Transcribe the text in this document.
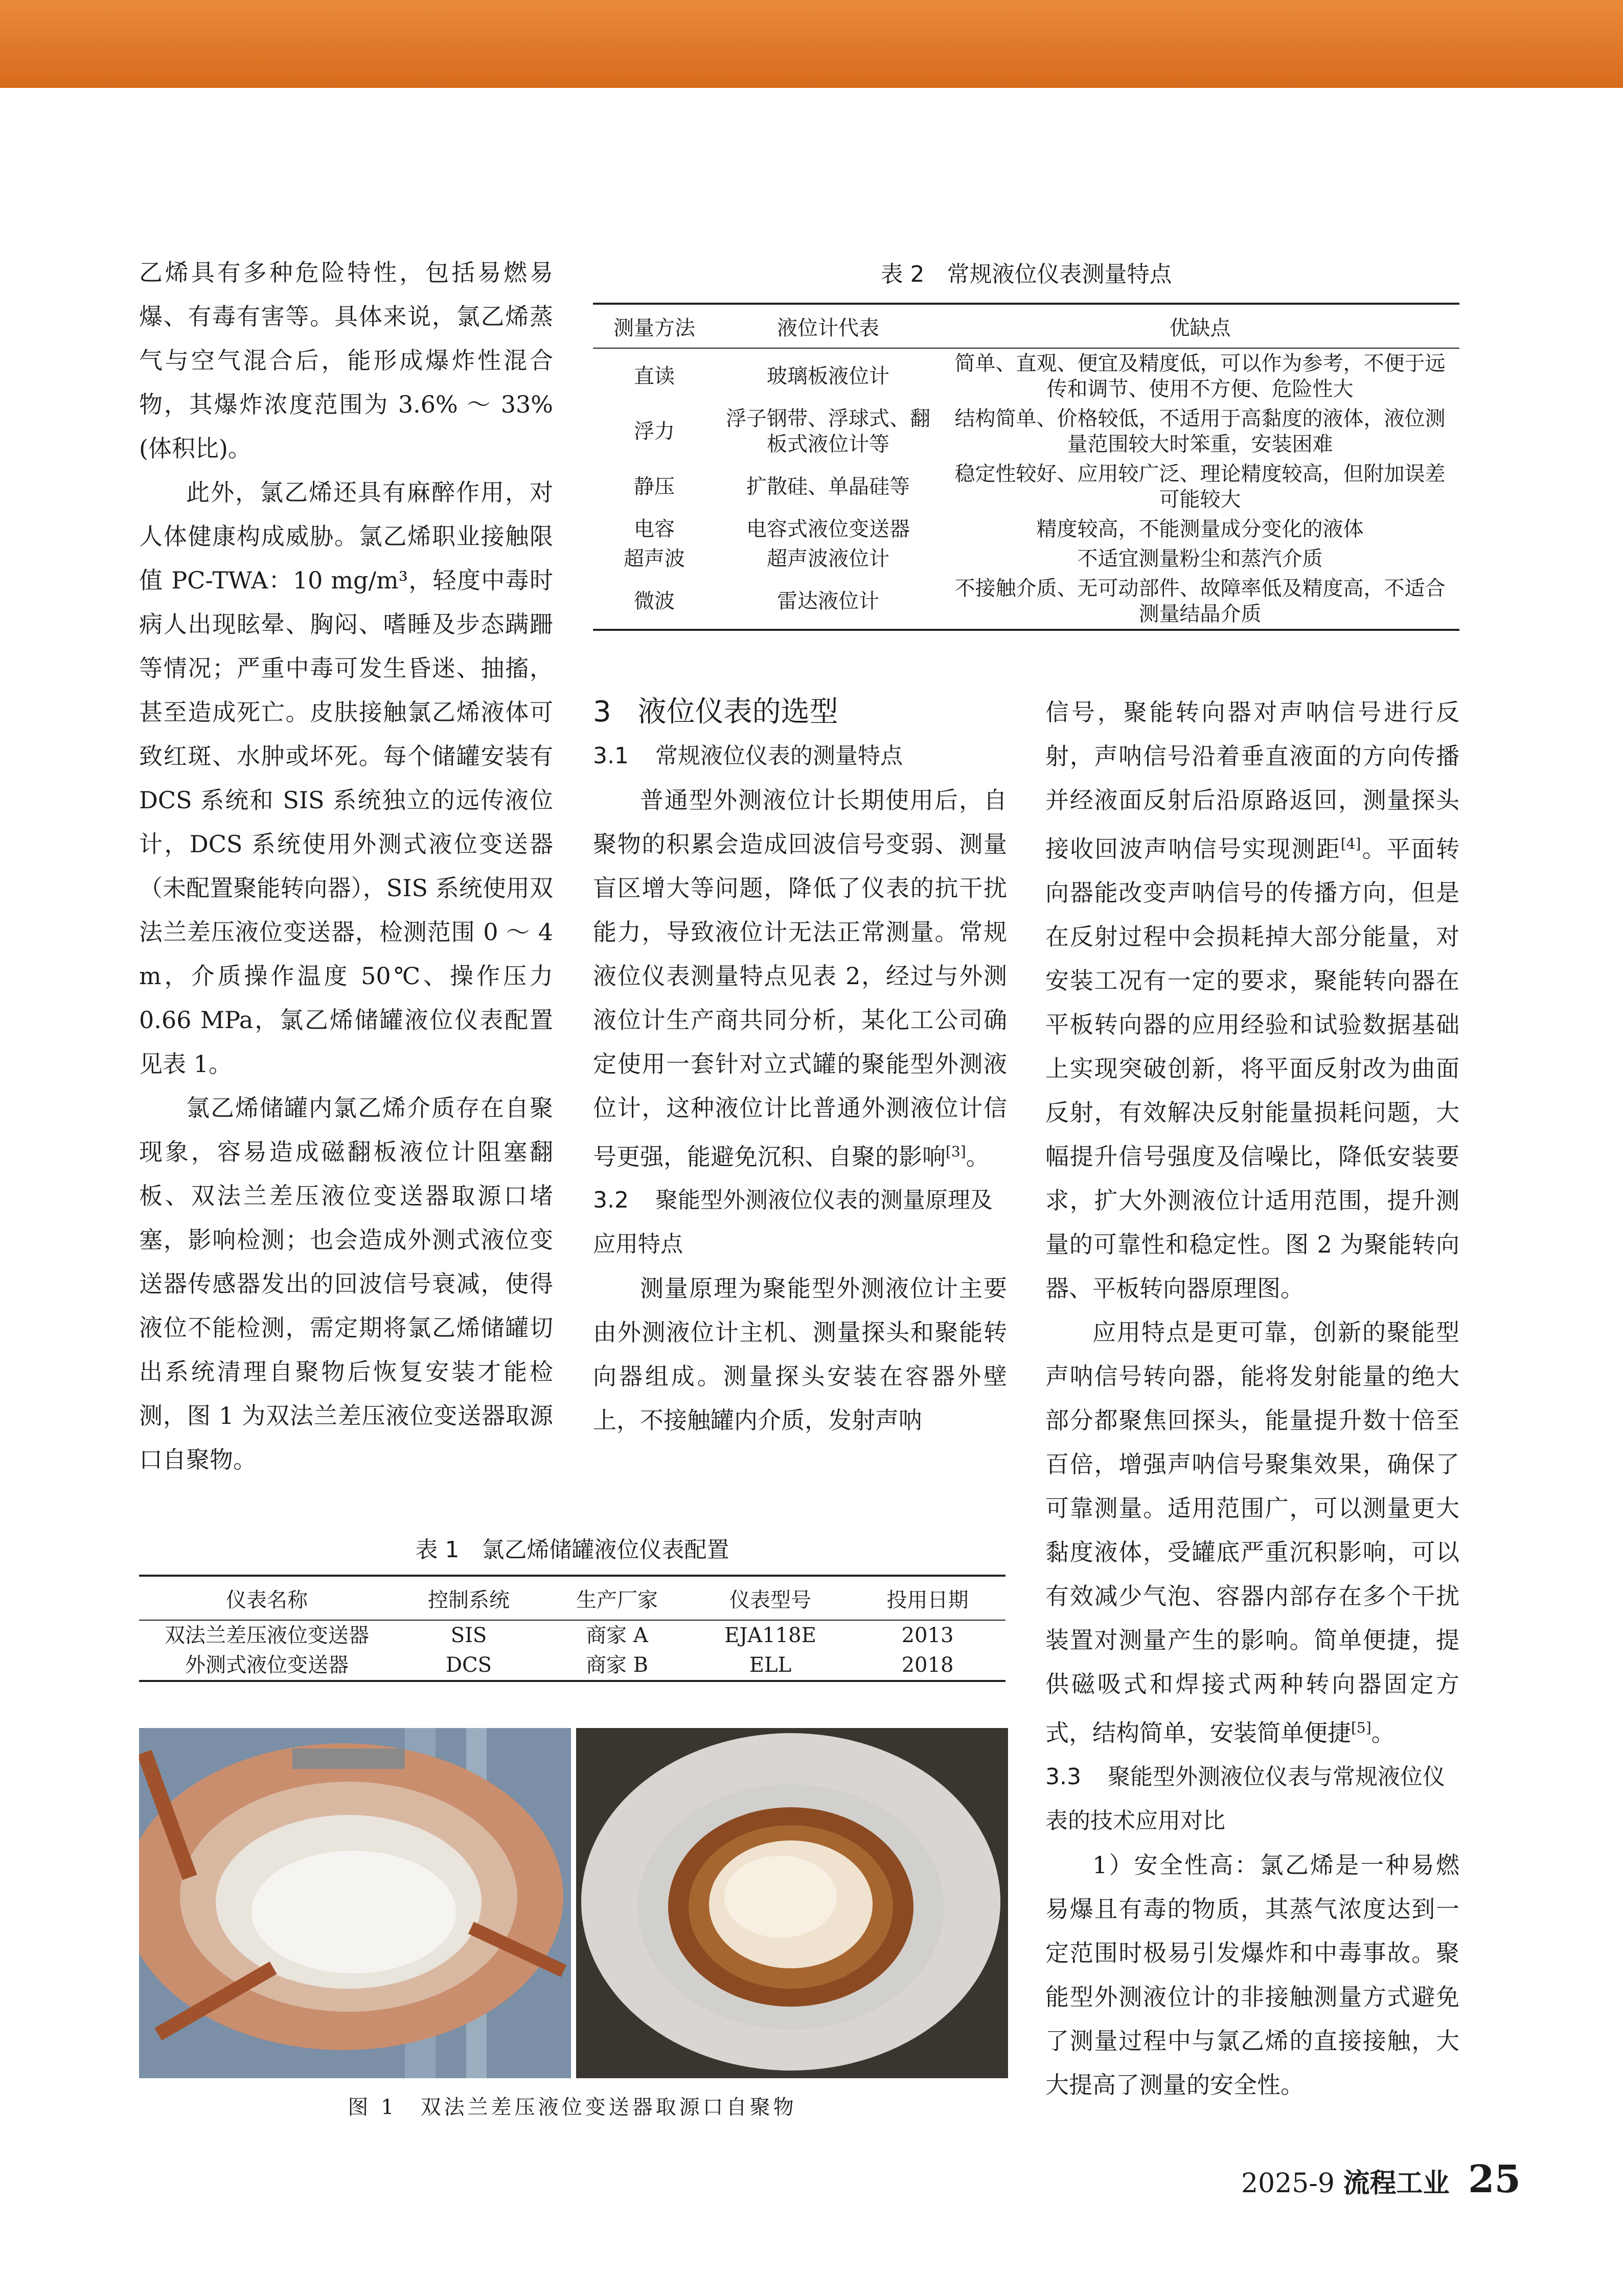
乙烯具有多种危险特性，包括易燃易爆、有毒有害等。具体来说，氯乙烯蒸气与空气混合后，能形成爆炸性混合物，其爆炸浓度范围为 3.6% ～ 33%(体积比)。

此外，氯乙烯还具有麻醉作用，对人体健康构成威胁。氯乙烯职业接触限值 PC-TWA：10 mg/m³，轻度中毒时病人出现眩晕、胸闷、嗜睡及步态蹒跚等情况；严重中毒可发生昏迷、抽搐，甚至造成死亡。皮肤接触氯乙烯液体可致红斑、水肿或坏死。每个储罐安装有 DCS 系统和 SIS 系统独立的远传液位计，DCS 系统使用外测式液位变送器（未配置聚能转向器），SIS 系统使用双法兰差压液位变送器，检测范围 0 ～ 4 m，介质操作温度 50℃、操作压力 0.66 MPa，氯乙烯储罐液位仪表配置见表 1。

氯乙烯储罐内氯乙烯介质存在自聚现象，容易造成磁翻板液位计阻塞翻板、双法兰差压液位变送器取源口堵塞，影响检测；也会造成外测式液位变送器传感器发出的回波信号衰减，使得液位不能检测，需定期将氯乙烯储罐切出系统清理自聚物后恢复安装才能检测，图 1 为双法兰差压液位变送器取源口自聚物。

表 2　常规液位仪表测量特点
测量方法	液位计代表	优缺点
直读	玻璃板液位计	简单、直观、便宜及精度低，可以作为参考，不便于远传和调节、使用不方便、危险性大
浮力	浮子钢带、浮球式、翻板式液位计等	结构简单、价格较低，不适用于高黏度的液体，液位测量范围较大时笨重，安装困难
静压	扩散硅、单晶硅等	稳定性较好、应用较广泛、理论精度较高，但附加误差可能较大
电容	电容式液位变送器	精度较高，不能测量成分变化的液体
超声波	超声波液位计	不适宜测量粉尘和蒸汽介质
微波	雷达液位计	不接触介质、无可动部件、故障率低及精度高，不适合测量结晶介质

3 液位仪表的选型

3.1 常规液位仪表的测量特点

普通型外测液位计长期使用后，自聚物的积累会造成回波信号变弱、测量盲区增大等问题，降低了仪表的抗干扰能力，导致液位计无法正常测量。常规液位仪表测量特点见表 2，经过与外测液位计生产商共同分析，某化工公司确定使用一套针对立式罐的聚能型外测液位计，这种液位计比普通外测液位计信号更强，能避免沉积、自聚的影响[3]。

3.2 聚能型外测液位仪表的测量原理及应用特点

测量原理为聚能型外测液位计主要由外测液位计主机、测量探头和聚能转向器组成。测量探头安装在容器外壁上，不接触罐内介质，发射声呐

信号，聚能转向器对声呐信号进行反射，声呐信号沿着垂直液面的方向传播并经液面反射后沿原路返回，测量探头接收回波声呐信号实现测距[4]。平面转向器能改变声呐信号的传播方向，但是在反射过程中会损耗掉大部分能量，对安装工况有一定的要求，聚能转向器在平板转向器的应用经验和试验数据基础上实现突破创新，将平面反射改为曲面反射，有效解决反射能量损耗问题，大幅提升信号强度及信噪比，降低安装要求，扩大外测液位计适用范围，提升测量的可靠性和稳定性。图 2 为聚能转向器、平板转向器原理图。

应用特点是更可靠，创新的聚能型声呐信号转向器，能将发射能量的绝大部分都聚焦回探头，能量提升数十倍至百倍，增强声呐信号聚集效果，确保了可靠测量。适用范围广，可以测量更大黏度液体，受罐底严重沉积影响，可以有效减少气泡、容器内部存在多个干扰装置对测量产生的影响。简单便捷，提供磁吸式和焊接式两种转向器固定方式，结构简单，安装简单便捷[5]。

3.3 聚能型外测液位仪表与常规液位仪表的技术应用对比

1）安全性高：氯乙烯是一种易燃易爆且有毒的物质，其蒸气浓度达到一定范围时极易引发爆炸和中毒事故。聚能型外测液位计的非接触测量方式避免了测量过程中与氯乙烯的直接接触，大大提高了测量的安全性。

表 1　氯乙烯储罐液位仪表配置
仪表名称	控制系统	生产厂家	仪表型号	投用日期
双法兰差压液位变送器	SIS	商家 A	EJA118E	2013
外测式液位变送器	DCS	商家 B	ELL	2018
图 1　双法兰差压液位变送器取源口自聚物
2025-9 流程工业 25
